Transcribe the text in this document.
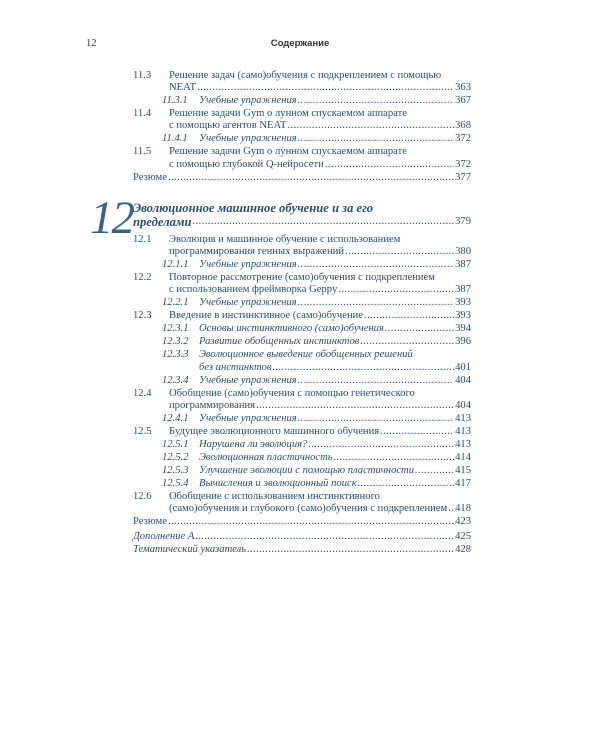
12	Содержание
11.3	Решение задач (само)обучения с подкреплением с помощью
NEAT .....	363
11.3.1	Учебные упражнения .....	367
11.4	Решение задачи Gym о лунном спускаемом аппарате
с помощью агентов NEAT .....	368
11.4.1	Учебные упражнения .....	372
11.5	Решение задачи Gym о лунном спускаемом аппарате
с помощью глубокой Q-нейросети .....	372
Резюме .....	377
12 Эволюционное машинное обучение и за его
пределами .....	379
12.1	Эволюция и машинное обучение с использованием
программирования генных выражений .....	380
12.1.1 Учебные упражнения .....	387
12.2	Повторное рассмотрение (само)обучения с подкреплением
с использованием фреймворка Geppy .....	387
12.2.1 Учебные упражнения .....	393
12.3	Введение в инстинктивное (само)обучение .....	393
12.3.1 Основы инстинктивного (само)обучения .....	394
12.3.2 Развитие обобщенных инстинктов .....	396
12.3.3 Эволюционное выведение обобщенных решений
без инстинктов .....	401
12.3.4 Учебные упражнения .....	404
12.4	Обобщение (само)обучения с помощью генетического
программирования .....	404
12.4.1 Учебные упражнения .....	413
12.5	Будущее эволюционного машинного обучения .....	413
12.5.1 Нарушена ли эволюция? .....	413
12.5.2 Эволюционная пластичность .....	414
12.5.3 Улучшение эволюции с помощью пластичности .....	415
12.5.4 Вычисления и эволюционный поиск .....	417
12.6	Обобщение с использованием инстинктивного
(само)обучения и глубокого (само)обучения с подкреплением ..... 418
Резюме .....	423
Дополнение А .....	425
Тематический указатель .....	428
